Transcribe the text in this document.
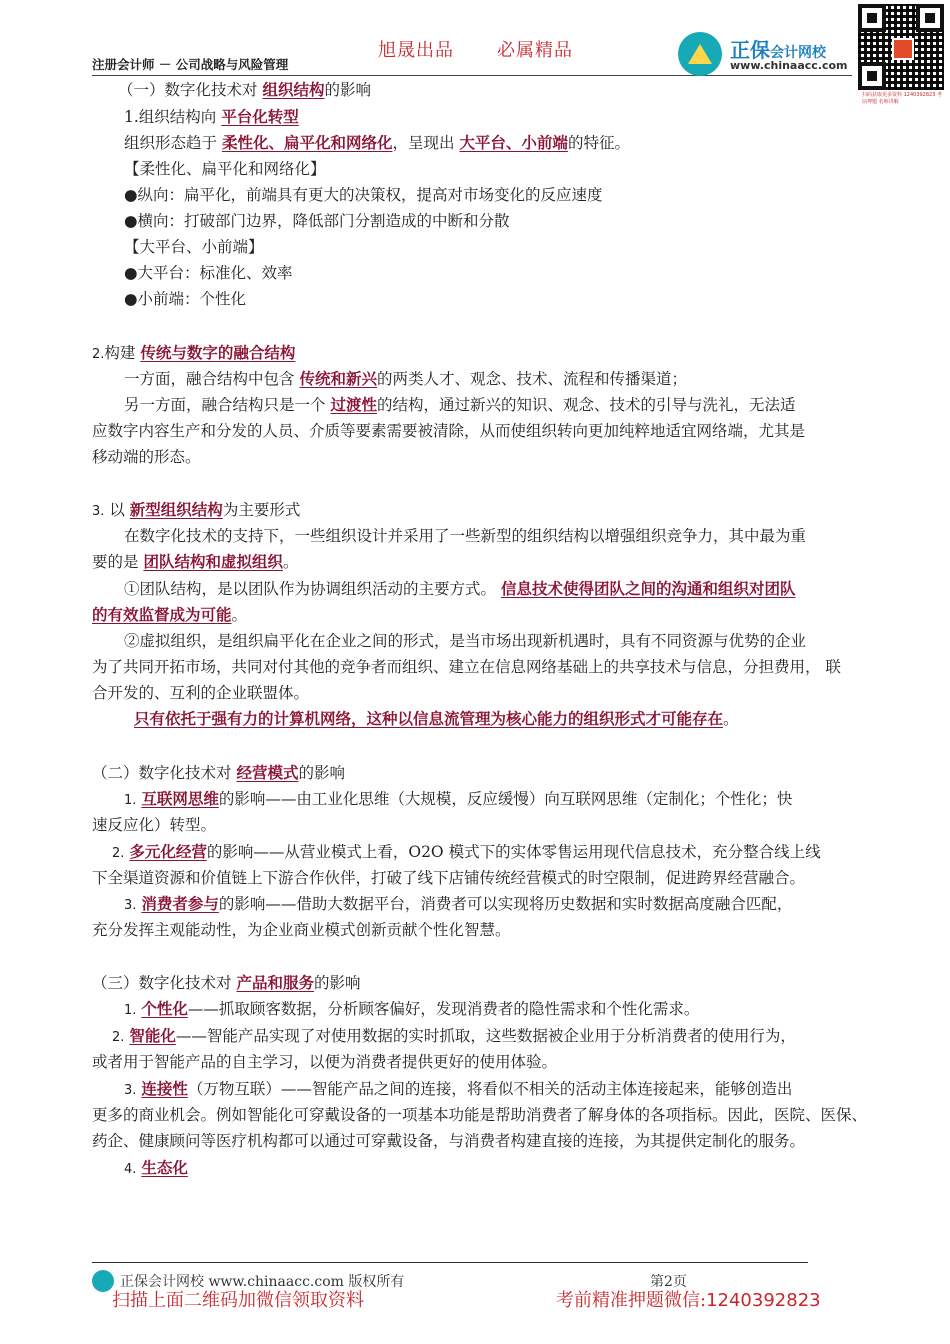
旭晟出品 必属精品
注册会计师 － 公司战略与风险管理
正保会计网校
www.chinaacc.com
扫码获取更多资料 1240392823 考前押题 名师讲解
（一）数字化技术对 组织结构的影响
1.组织结构向 平台化转型
组织形态趋于 柔性化、扁平化和网络化，呈现出 大平台、小前端的特征。
【柔性化、扁平化和网络化】
●纵向：扁平化，前端具有更大的决策权，提高对市场变化的反应速度
●横向：打破部门边界，降低部门分割造成的中断和分散
【大平台、小前端】
●大平台：标准化、效率
●小前端：个性化
2.构建 传统与数字的融合结构
一方面，融合结构中包含 传统和新兴的两类人才、观念、技术、流程和传播渠道；
另一方面，融合结构只是一个 过渡性的结构，通过新兴的知识、观念、技术的引导与洗礼，无法适
应数字内容生产和分发的人员、介质等要素需要被清除，从而使组织转向更加纯粹地适宜网络端，尤其是
移动端的形态。
3. 以 新型组织结构为主要形式
在数字化技术的支持下，一些组织设计并采用了一些新型的组织结构以增强组织竞争力，其中最为重
要的是 团队结构和虚拟组织。
①团队结构，是以团队作为协调组织活动的主要方式。 信息技术使得团队之间的沟通和组织对团队
的有效监督成为可能。
②虚拟组织，是组织扁平化在企业之间的形式，是当市场出现新机遇时，具有不同资源与优势的企业
为了共同开拓市场，共同对付其他的竞争者而组织、建立在信息网络基础上的共享技术与信息，分担费用， 联
合开发的、互利的企业联盟体。
只有依托于强有力的计算机网络，这种以信息流管理为核心能力的组织形式才可能存在。
（二）数字化技术对 经营模式的影响
1. 互联网思维的影响——由工业化思维（大规模，反应缓慢）向互联网思维（定制化；个性化；快
速反应化）转型。
2. 多元化经营的影响——从营业模式上看，O2O 模式下的实体零售运用现代信息技术，充分整合线上线
下全渠道资源和价值链上下游合作伙伴，打破了线下店铺传统经营模式的时空限制，促进跨界经营融合。
3. 消费者参与的影响——借助大数据平台，消费者可以实现将历史数据和实时数据高度融合匹配，
充分发挥主观能动性，为企业商业模式创新贡献个性化智慧。
（三）数字化技术对 产品和服务的影响
1. 个性化——抓取顾客数据，分析顾客偏好，发现消费者的隐性需求和个性化需求。
2. 智能化——智能产品实现了对使用数据的实时抓取，这些数据被企业用于分析消费者的使用行为，
或者用于智能产品的自主学习，以便为消费者提供更好的使用体验。
3. 连接性（万物互联）——智能产品之间的连接，将看似不相关的活动主体连接起来，能够创造出
更多的商业机会。例如智能化可穿戴设备的一项基本功能是帮助消费者了解身体的各项指标。因此，医院、医保、
药企、健康顾问等医疗机构都可以通过可穿戴设备，与消费者构建直接的连接，为其提供定制化的服务。
4. 生态化
正保会计网校 www.chinaacc.com 版权所有	第2页
扫描上面二维码加微信领取资料	考前精准押题微信:1240392823
